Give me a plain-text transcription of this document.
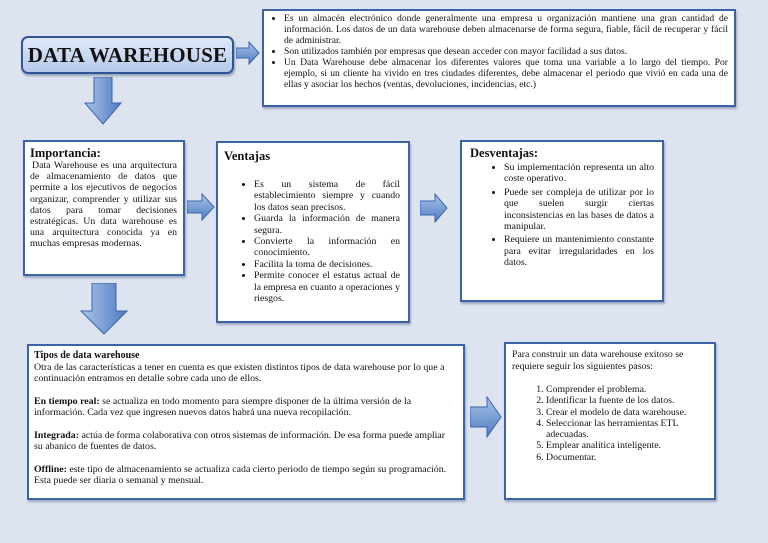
DATA WAREHOUSE
• Es un almacén electrónico donde generalmente una empresa u organización mantiene una gran cantidad de información. Los datos de un data warehouse deben almacenarse de forma segura, fiable, fácil de recuperar y fácil de administrar.
• Son utilizados también por empresas que desean acceder con mayor facilidad a sus datos.
• Un Data Warehouse debe almacenar los diferentes valores que toma una variable a lo largo del tiempo. Por ejemplo, si un cliente ha vivido en tres ciudades diferentes, debe almacenar el periodo que vivió en cada una de ellas y asociar los hechos (ventas, devoluciones, incidencias, etc.)
Importancia:

Data Warehouse es una arquitectura de almacenamiento de datos que permite a los ejecutivos de negocios organizar, comprender y utilizar sus datos para tomar decisiones estratégicas. Un data warehouse es una arquitectura conocida ya en muchas empresas modernas.

Ventajas
• Es un sistema de fácil establecimiento siempre y cuando los datos sean precisos.
• Guarda la información de manera segura.
• Convierte la información en conocimiento.
• Facilita la toma de decisiones.
• Permite conocer el estatus actual de la empresa en cuanto a operaciones y riesgos.
Desventajas:
• Su implementación representa un alto coste operativo.
• Puede ser compleja de utilizar por lo que suelen surgir ciertas inconsistencias en las bases de datos a manipular.
• Requiere un mantenimiento constante para evitar irregularidades en los datos.
Tipos de data warehouse

Otra de las características a tener en cuenta es que existen distintos tipos de data warehouse por lo que a continuación entramos en detalle sobre cada uno de ellos.

En tiempo real: se actualiza en todo momento para siempre disponer de la última versión de la información. Cada vez que ingresen nuevos datos habrá una nueva recopilación.

Integrada: actúa de forma colaborativa con otros sistemas de información. De esa forma puede ampliar su abanico de fuentes de datos.

Offline: este tipo de almacenamiento se actualiza cada cierto periodo de tiempo según su programación. Esta puede ser diaria o semanal y mensual.

Para construir un data warehouse exitoso se requiere seguir los siguientes pasos:

1. Comprender el problema.
2. Identificar la fuente de los datos.
3. Crear el modelo de data warehouse.
4. Seleccionar las herramientas ETL adecuadas.
5. Emplear analítica inteligente.
6. Documentar.
